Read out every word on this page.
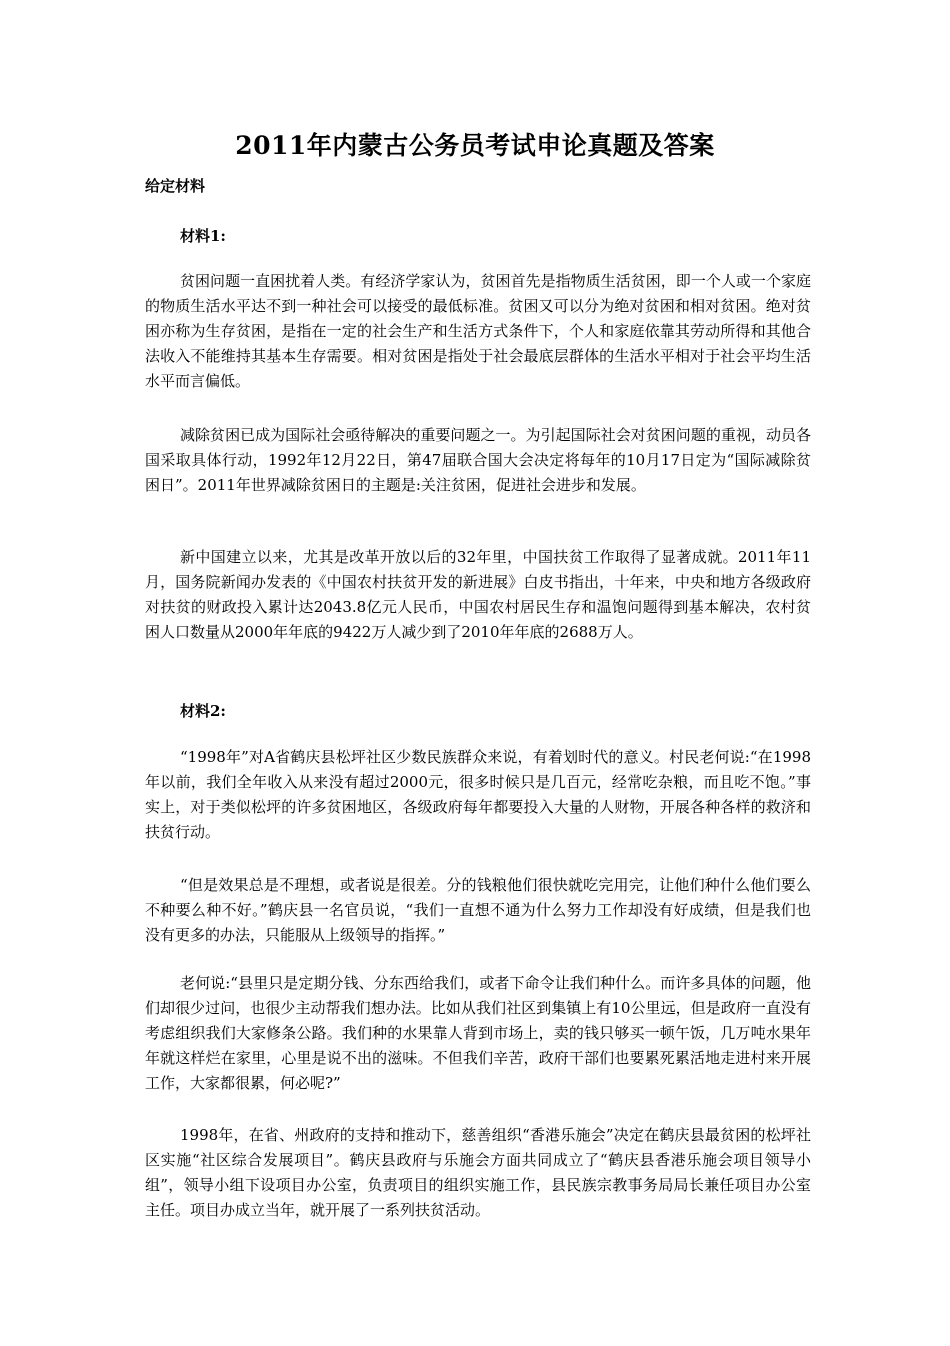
2011年内蒙古公务员考试申论真题及答案
给定材料
材料1:

贫困问题一直困扰着人类。有经济学家认为，贫困首先是指物质生活贫困，即一个人或一个家庭的物质生活水平达不到一种社会可以接受的最低标准。贫困又可以分为绝对贫困和相对贫困。绝对贫困亦称为生存贫困，是指在一定的社会生产和生活方式条件下，个人和家庭依靠其劳动所得和其他合法收入不能维持其基本生存需要。相对贫困是指处于社会最底层群体的生活水平相对于社会平均生活水平而言偏低。

减除贫困已成为国际社会亟待解决的重要问题之一。为引起国际社会对贫困问题的重视，动员各国采取具体行动，1992年12月22日，第47届联合国大会决定将每年的10月17日定为“国际减除贫困日”。2011年世界减除贫困日的主题是:关注贫困，促进社会进步和发展。

新中国建立以来，尤其是改革开放以后的32年里，中国扶贫工作取得了显著成就。2011年11月，国务院新闻办发表的《中国农村扶贫开发的新进展》白皮书指出，十年来，中央和地方各级政府对扶贫的财政投入累计达2043.8亿元人民币，中国农村居民生存和温饱问题得到基本解决，农村贫困人口数量从2000年年底的9422万人减少到了2010年年底的2688万人。

材料2:

“1998年”对A省鹤庆县松坪社区少数民族群众来说，有着划时代的意义。村民老何说:“在1998年以前，我们全年收入从来没有超过2000元，很多时候只是几百元，经常吃杂粮，而且吃不饱。”事实上，对于类似松坪的许多贫困地区，各级政府每年都要投入大量的人财物，开展各种各样的救济和扶贫行动。

“但是效果总是不理想，或者说是很差。分的钱粮他们很快就吃完用完，让他们种什么他们要么不种要么种不好。”鹤庆县一名官员说，“我们一直想不通为什么努力工作却没有好成绩，但是我们也没有更多的办法，只能服从上级领导的指挥。”

老何说:“县里只是定期分钱、分东西给我们，或者下命令让我们种什么。而许多具体的问题，他们却很少过问，也很少主动帮我们想办法。比如从我们社区到集镇上有10公里远，但是政府一直没有考虑组织我们大家修条公路。我们种的水果靠人背到市场上，卖的钱只够买一顿午饭，几万吨水果年年就这样烂在家里，心里是说不出的滋味。不但我们辛苦，政府干部们也要累死累活地走进村来开展工作，大家都很累，何必呢?”

1998年，在省、州政府的支持和推动下，慈善组织“香港乐施会”决定在鹤庆县最贫困的松坪社区实施“社区综合发展项目”。鹤庆县政府与乐施会方面共同成立了“鹤庆县香港乐施会项目领导小组”，领导小组下设项目办公室，负责项目的组织实施工作，县民族宗教事务局局长兼任项目办公室主任。项目办成立当年，就开展了一系列扶贫活动。
